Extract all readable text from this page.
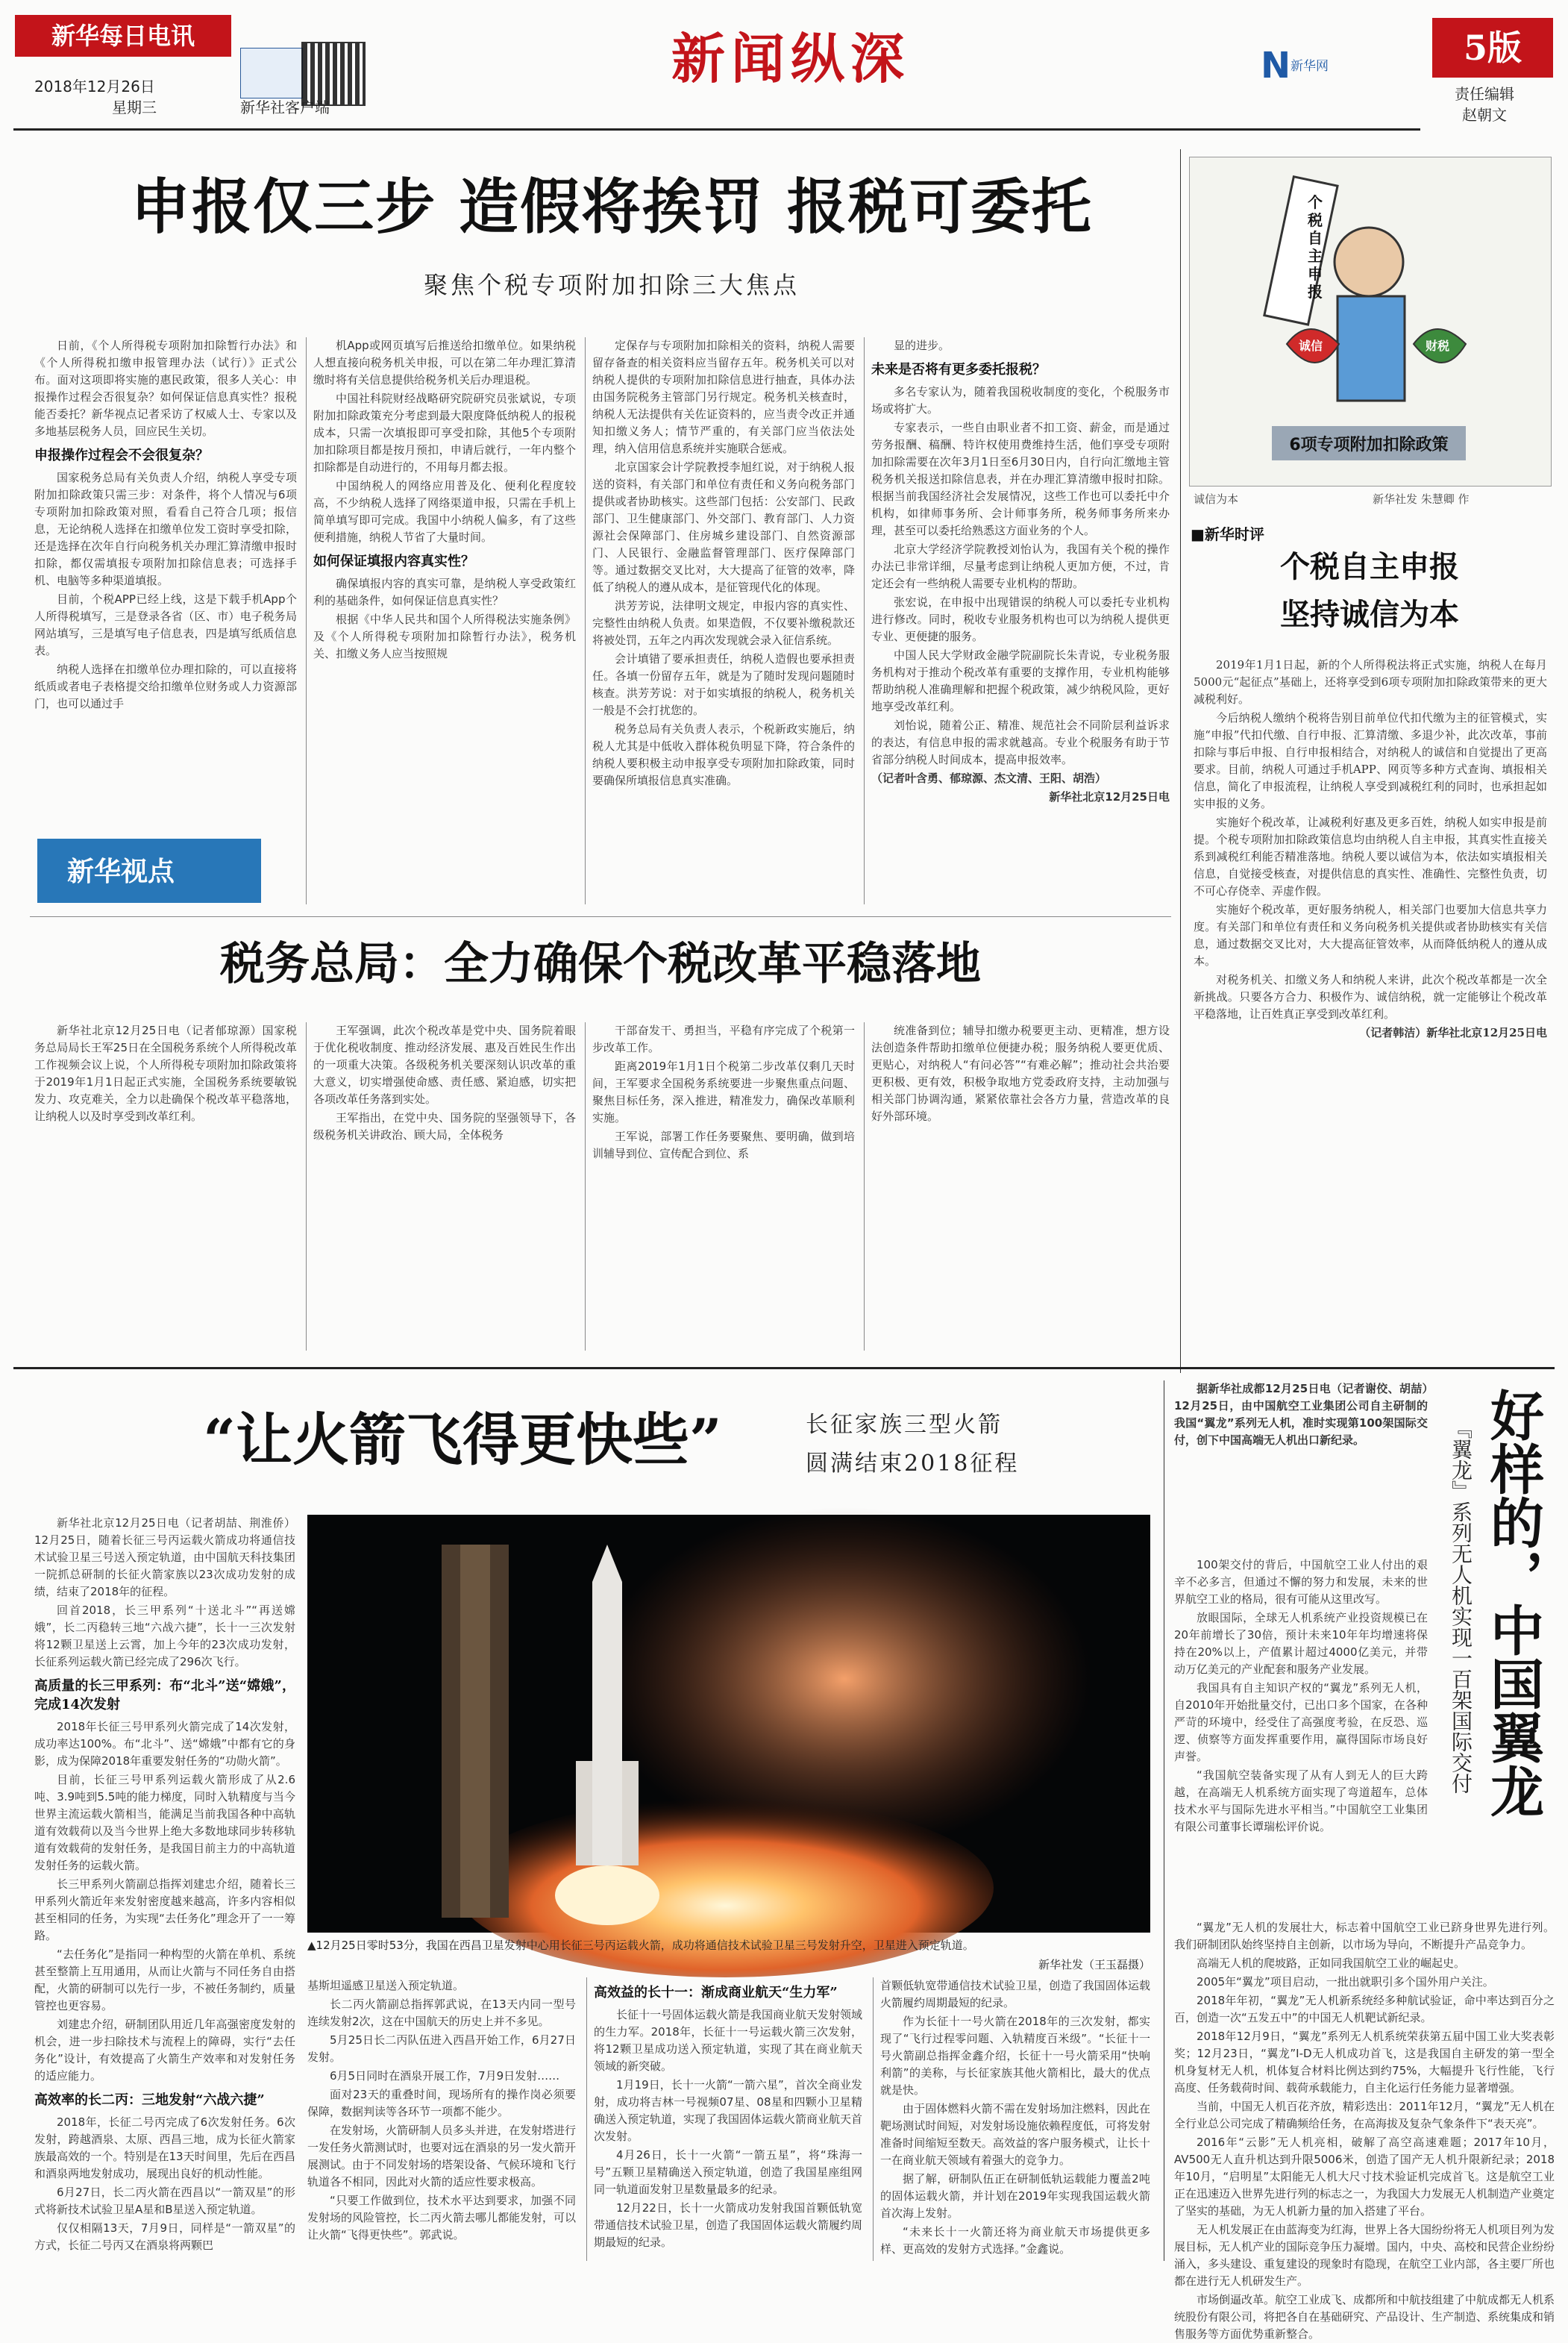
新华每日电讯
2018年12月26日
星期三	新华社客户端
新闻纵深	N 新华网	5版
责任编辑
赵朝文
申报仅三步 造假将挨罚 报税可委托
聚焦个税专项附加扣除三大焦点

日前，《个人所得税专项附加扣除暂行办法》和《个人所得税扣缴申报管理办法（试行）》正式公布。面对这项即将实施的惠民政策，很多人关心：申报操作过程会否很复杂？如何保证信息真实性？报税能否委托？新华视点记者采访了权威人士、专家以及多地基层税务人员，回应民生关切。

申报操作过程会不会很复杂？

国家税务总局有关负责人介绍，纳税人享受专项附加扣除政策只需三步：对条件，将个人情况与6项专项附加扣除政策对照，看看自己符合几项；报信息，无论纳税人选择在扣缴单位发工资时享受扣除，还是选择在次年自行向税务机关办理汇算清缴申报时扣除，都仅需填报专项附加扣除信息表；可选择手机、电脑等多种渠道填报。

目前，个税APP已经上线，这是下载手机App个人所得税填写，三是登录各省（区、市）电子税务局网站填写，三是填写电子信息表，四是填写纸质信息表。

纳税人选择在扣缴单位办理扣除的，可以直接将纸质或者电子表格提交给扣缴单位财务或人力资源部门，也可以通过手

新华视点

机App或网页填写后推送给扣缴单位。如果纳税人想直接向税务机关申报，可以在第二年办理汇算清缴时将有关信息提供给税务机关后办理退税。

中国社科院财经战略研究院研究员张斌说，专项附加扣除政策充分考虑到最大限度降低纳税人的报税成本，只需一次填报即可享受扣除，其他5个专项附加扣除项目都是按月预扣，申请后就行，一年内整个扣除都是自动进行的，不用每月都去报。

中国纳税人的网络应用普及化、便利化程度较高，不少纳税人选择了网络渠道申报，只需在手机上简单填写即可完成。我国中小纳税人偏多，有了这些便利措施，纳税人节省了大量时间。

如何保证填报内容真实性？

确保填报内容的真实可靠，是纳税人享受政策红利的基础条件，如何保证信息真实性？

根据《中华人民共和国个人所得税法实施条例》及《个人所得税专项附加扣除暂行办法》，税务机关、扣缴义务人应当按照规

定保存与专项附加扣除相关的资料，纳税人需要留存备查的相关资料应当留存五年。税务机关可以对纳税人提供的专项附加扣除信息进行抽查，具体办法由国务院税务主管部门另行规定。税务机关核查时，纳税人无法提供有关佐证资料的，应当责令改正并通知扣缴义务人；情节严重的，有关部门应当依法处理，纳入信用信息系统并实施联合惩戒。

北京国家会计学院教授李旭红说，对于纳税人报送的资料，有关部门和单位有责任和义务向税务部门提供或者协助核实。这些部门包括：公安部门、民政部门、卫生健康部门、外交部门、教育部门、人力资源社会保障部门、住房城乡建设部门、自然资源部门、人民银行、金融监督管理部门、医疗保障部门等。通过数据交叉比对，大大提高了征管的效率，降低了纳税人的遵从成本，是征管现代化的体现。

洪芳芳说，法律明文规定，申报内容的真实性、完整性由纳税人负责。如果造假，不仅要补缴税款还将被处罚，五年之内再次发现就会录入征信系统。

会计填错了要承担责任，纳税人造假也要承担责任。各填一份留存五年，就是为了随时发现问题随时核查。洪芳芳说：对于如实填报的纳税人，税务机关一般是不会打扰您的。

税务总局有关负责人表示，个税新政实施后，纳税人尤其是中低收入群体税负明显下降，符合条件的纳税人要积极主动申报享受专项附加扣除政策，同时要确保所填报信息真实准确。

显的进步。

未来是否将有更多委托报税？

多名专家认为，随着我国税收制度的变化，个税服务市场或将扩大。

专家表示，一些自由职业者不扣工资、薪金，而是通过劳务报酬、稿酬、特许权使用费维持生活，他们享受专项附加扣除需要在次年3月1日至6月30日内，自行向汇缴地主管税务机关报送扣除信息表，并在办理汇算清缴申报时扣除。根据当前我国经济社会发展情况，这些工作也可以委托中介机构，如律师事务所、会计师事务所，税务师事务所来办理，甚至可以委托给熟悉这方面业务的个人。

北京大学经济学院教授刘怡认为，我国有关个税的操作办法已非常详细，尽量考虑到让纳税人更加方便，不过，肯定还会有一些纳税人需要专业机构的帮助。

张宏说，在申报中出现错误的纳税人可以委托专业机构进行修改。同时，税收专业服务机构也可以为纳税人提供更专业、更便捷的服务。

中国人民大学财政金融学院副院长朱青说，专业税务服务机构对于推动个税改革有重要的支撑作用，专业机构能够帮助纳税人准确理解和把握个税政策，减少纳税风险，更好地享受改革红利。

刘怡说，随着公正、精准、规范社会不同阶层利益诉求的表达，有信息申报的需求就越高。专业个税服务有助于节省部分纳税人时间成本，提高申报效率。

（记者叶含勇、郁琼源、杰文清、王阳、胡浩）

新华社北京12月25日电

个税自主申报
诚信	财税
6项专项附加扣除政策
诚信为本	新华社发 朱慧卿 作
■新华时评
个税自主申报
坚持诚信为本

2019年1月1日起，新的个人所得税法将正式实施，纳税人在每月5000元“起征点”基础上，还将享受到6项专项附加扣除政策带来的更大减税利好。

今后纳税人缴纳个税将告别目前单位代扣代缴为主的征管模式，实施“申报”代扣代缴、自行申报、汇算清缴、多退少补，此次改革，事前扣除与事后申报、自行申报相结合，对纳税人的诚信和自觉提出了更高要求。目前，纳税人可通过手机APP、网页等多种方式查询、填报相关信息，简化了申报流程，让纳税人享受到减税红利的同时，也承担起如实申报的义务。

实施好个税改革，让减税利好惠及更多百姓，纳税人如实申报是前提。个税专项附加扣除政策信息均由纳税人自主申报，其真实性直接关系到减税红利能否精准落地。纳税人要以诚信为本，依法如实填报相关信息，自觉接受核查，对提供信息的真实性、准确性、完整性负责，切不可心存侥幸、弄虚作假。

实施好个税改革，更好服务纳税人，相关部门也要加大信息共享力度。有关部门和单位有责任和义务向税务机关提供或者协助核实有关信息，通过数据交叉比对，大大提高征管效率，从而降低纳税人的遵从成本。

对税务机关、扣缴义务人和纳税人来讲，此次个税改革都是一次全新挑战。只要各方合力、积极作为、诚信纳税，就一定能够让个税改革平稳落地，让百姓真正享受到改革红利。

（记者韩洁）新华社北京12月25日电

税务总局：全力确保个税改革平稳落地

新华社北京12月25日电（记者郁琼源）国家税务总局局长王军25日在全国税务系统个人所得税改革工作视频会议上说，个人所得税专项附加扣除政策将于2019年1月1日起正式实施，全国税务系统要敏锐发力、攻克难关，全力以赴确保个税改革平稳落地，让纳税人以及时享受到改革红利。

王军强调，此次个税改革是党中央、国务院着眼于优化税收制度、推动经济发展、惠及百姓民生作出的一项重大决策。各级税务机关要深刻认识改革的重大意义，切实增强使命感、责任感、紧迫感，切实把各项改革任务落到实处。

王军指出，在党中央、国务院的坚强领导下，各级税务机关讲政治、顾大局，全体税务

干部奋发干、勇担当，平稳有序完成了个税第一步改革工作。

距离2019年1月1日个税第二步改革仅剩几天时间，王军要求全国税务系统要进一步聚焦重点问题、聚焦目标任务，深入推进，精准发力，确保改革顺利实施。

王军说，部署工作任务要聚焦、要明确，做到培训辅导到位、宣传配合到位、系

统准备到位；辅导扣缴办税要更主动、更精准，想方设法创造条件帮助扣缴单位便捷办税；服务纳税人要更优质、更贴心，对纳税人“有问必答”“有难必解”；推动社会共治要更积极、更有效，积极争取地方党委政府支持，主动加强与相关部门协调沟通，紧紧依靠社会各方力量，营造改革的良好外部环境。

“让火箭飞得更快些”	长征家族三型火箭
圆满结束2018征程

新华社北京12月25日电（记者胡喆、荆淮侨）12月25日，随着长征三号丙运载火箭成功将通信技术试验卫星三号送入预定轨道，由中国航天科技集团一院抓总研制的长征火箭家族以23次成功发射的成绩，结束了2018年的征程。

回首2018，长三甲系列“十送北斗”“再送嫦娥”，长二丙稳转三地“六战六捷”，长十一三次发射将12颗卫星送上云霄，加上今年的23次成功发射，长征系列运载火箭已经完成了296次飞行。

高质量的长三甲系列：布“北斗”送“嫦娥”，完成14次发射

2018年长征三号甲系列火箭完成了14次发射，成功率达100%。布“北斗”、送“嫦娥”中都有它的身影，成为保障2018年重要发射任务的“功勋火箭”。

目前，长征三号甲系列运载火箭形成了从2.6吨、3.9吨到5.5吨的能力梯度，同时入轨精度与当今世界主流运载火箭相当，能满足当前我国各种中高轨道有效载荷以及当今世界上绝大多数地球同步转移轨道有效载荷的发射任务，是我国目前主力的中高轨道发射任务的运载火箭。

长三甲系列火箭副总指挥刘建忠介绍，随着长三甲系列火箭近年来发射密度越来越高，许多内容相似甚至相同的任务，为实现“去任务化”理念开了一一筹路。

“去任务化”是指同一种构型的火箭在单机、系统甚至整箭上互用通用，从而让火箭与不同任务自由搭配，火箭的研制可以先行一步，不被任务制约，质量管控也更容易。

刘建忠介绍，研制团队用近几年高强密度发射的机会，进一步扫除技术与流程上的障碍，实行“去任务化”设计，有效提高了火箭生产效率和对发射任务的适应能力。

高效率的长二丙：三地发射“六战六捷”

2018年，长征二号丙完成了6次发射任务。6次发射，跨越酒泉、太原、西昌三地，成为长征火箭家族最高效的一个。特别是在13天时间里，先后在西昌和酒泉两地发射成功，展现出良好的机动性能。

6月27日，长二丙火箭在西昌以“一箭双星”的形式将新技术试验卫星A星和B星送入预定轨道。

仅仅相隔13天，7月9日，同样是“一箭双星”的方式，长征二号丙又在酒泉将两颗巴

▲12月25日零时53分，我国在西昌卫星发射中心用长征三号丙运载火箭，成功将通信技术试验卫星三号发射升空，卫星进入预定轨道。
新华社发（王玉磊摄）

基斯坦遥感卫星送入预定轨道。

长二丙火箭副总指挥郭武说，在13天内同一型号连续发射2次，这在中国航天的历史上并不多见。

5月25日长二丙队伍进入西昌开始工作，6月27日发射。

6月5日同时在酒泉开展工作，7月9日发射……

面对23天的重叠时间，现场所有的操作岗必须要保障，数据判读等各环节一项都不能少。

在发射场，火箭研制人员多头并进，在发射塔进行一发任务火箭测试时，也要对远在酒泉的另一发火箭开展测试。由于不同发射场的塔架设备、气候环境和飞行轨道各不相同，因此对火箭的适应性要求极高。

“只要工作做到位，技术水平达到要求，加强不同发射场的风险管控，长二丙火箭去哪儿都能发射，可以让火箭“飞得更快些”。郭武说。

高效益的长十一：渐成商业航天“生力军”

长征十一号固体运载火箭是我国商业航天发射领域的生力军。2018年，长征十一号运载火箭三次发射，将12颗卫星成功送入预定轨道，实现了其在商业航天领域的新突破。

1月19日，长十一火箭“一箭六星”，首次全商业发射，成功将吉林一号视频07星、08星和四颗小卫星精确送入预定轨道，实现了我国固体运载火箭商业航天首次发射。

4月26日，长十一火箭“一箭五星”，将“珠海一号”五颗卫星精确送入预定轨道，创造了我国星座组网同一轨道面发射卫星数量最多的纪录。

12月22日，长十一火箭成功发射我国首颗低轨宽带通信技术试验卫星，创造了我国固体运载火箭履约周期最短的纪录。

首颗低轨宽带通信技术试验卫星，创造了我国固体运载火箭履约周期最短的纪录。

作为长征十一号火箭在2018年的三次发射，都实现了“飞行过程零问题、入轨精度百米级”。“长征十一号火箭副总指挥金鑫介绍，长征十一号火箭采用“快响利箭”的美称，与长征家族其他火箭相比，最大的优点就是快。

由于固体燃料火箭不需在发射场加注燃料，因此在靶场测试时间短，对发射场设施依赖程度低，可将发射准备时间缩短至数天。高效益的客户服务模式，让长十一在商业航天领域有着强大的竞争力。

据了解，研制队伍正在研制低轨运载能力覆盖2吨的固体运载火箭，并计划在2019年实现我国运载火箭首次海上发射。

“未来长十一火箭还将为商业航天市场提供更多样、更高效的发射方式选择。”金鑫说。

据新华社成都12月25日电（记者谢佼、胡喆）12月25日，由中国航空工业集团公司自主研制的我国“翼龙”系列无人机，准时实现第100架国际交付，创下中国高端无人机出口新纪录。	好样的，中国翼龙
『翼龙』系列无人机实现一百架国际交付

100架交付的背后，中国航空工业人付出的艰辛不必多言，但通过不懈的努力和发展，未来的世界航空工业的格局，很有可能从这里改写。

放眼国际，全球无人机系统产业投资规模已在20年前增长了30倍，预计未来10年年均增速将保持在20%以上，产值累计超过4000亿美元，并带动万亿美元的产业配套和服务产业发展。

我国具有自主知识产权的“翼龙”系列无人机，自2010年开始批量交付，已出口多个国家，在各种严苛的环境中，经受住了高强度考验，在反恐、巡逻、侦察等方面发挥重要作用，赢得国际市场良好声誉。

“我国航空装备实现了从有人到无人的巨大跨越，在高端无人机系统方面实现了弯道超车，总体技术水平与国际先进水平相当。”中国航空工业集团有限公司董事长谭瑞松评价说。

“翼龙”无人机的发展壮大，标志着中国航空工业已跻身世界先进行列。我们研制团队始终坚持自主创新，以市场为导向，不断提升产品竞争力。

高端无人机的爬坡路，正如同我国航空工业的崛起史。

2005年“翼龙”项目启动，一批出就职引多个国外用户关注。

2018年年初，“翼龙”无人机新系统经多种航试验证，命中率达到百分之百，创造一次“五发五中”的中国无人机靶试新纪录。

2018年12月9日，“翼龙”系列无人机系统荣获第五届中国工业大奖表彰奖；12月23日，“翼龙”I-D无人机成功首飞，这是我国自主研发的第一型全机身复材无人机，机体复合材料比例达到约75%，大幅提升飞行性能，飞行高度、任务载荷时间、载荷承载能力，自主化运行任务能力显著增强。

当前，中国无人机百花齐放，精彩迭出：2011年12月，“翼龙”无人机在全行业总公司完成了精确频给任务，在高海拔及复杂气象条件下“表天亮”。

2016年“云影”无人机亮相，破解了高空高速难题；2017年10月，AV500无人直升机达到升限5006米，创造了国产无人机升限新纪录；2018年10月，“启明星”太阳能无人机大尺寸技术验证机完成首飞。这是航空工业正在迅速迈入世界先进行列的标志之一，为我国大力发展无人机制造产业奠定了坚实的基础，为无人机新力量的加入搭建了平台。

无人机发展正在由蓝海变为红海，世界上各大国纷纷将无人机项目列为发展目标，无人机产业的国际竞争压力凝增。国内，中央、高校和民营企业纷纷涌入，多头建设、重复建设的现象时有隐现，在航空工业内部，各主要厂所也都在进行无人机研发生产。

市场倒逼改革。航空工业成飞、成都所和中航技组建了中航成都无人机系统股份有限公司，将把各自在基础研究、产品设计、生产制造、系统集成和销售服务等方面优势重新整合。
